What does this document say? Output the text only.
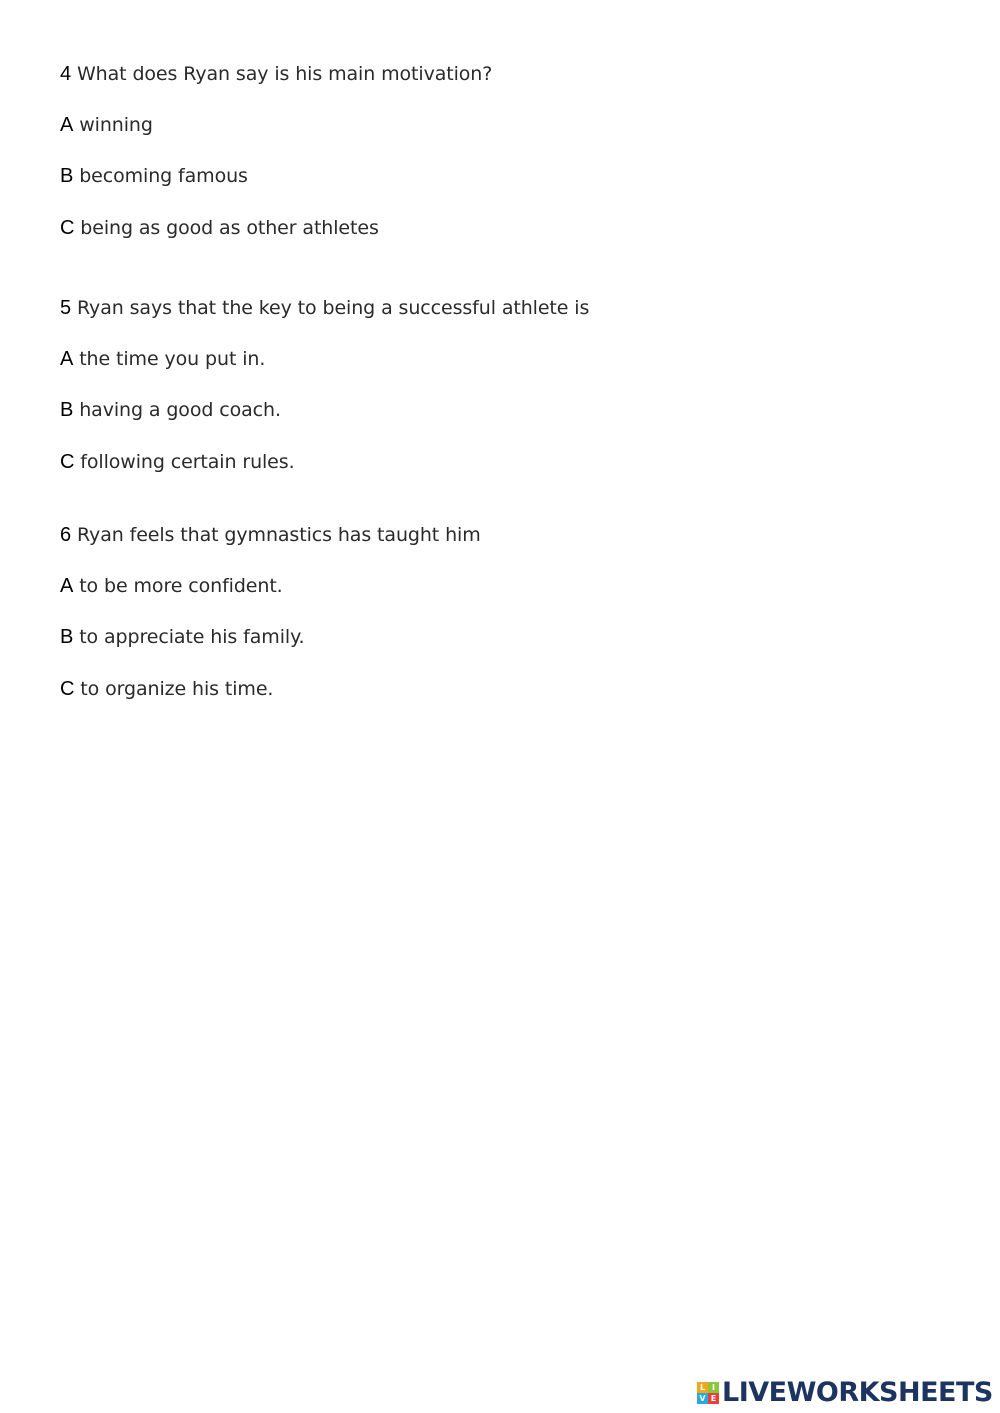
4 What does Ryan say is his main motivation?
A winning
B becoming famous
C being as good as other athletes
5 Ryan says that the key to being a successful athlete is
A the time you put in.
B having a good coach.
C following certain rules.
6 Ryan feels that gymnastics has taught him
A to be more confident.
B to appreciate his family.
C to organize his time.
L I
V E LIVEWORKSHEETS
